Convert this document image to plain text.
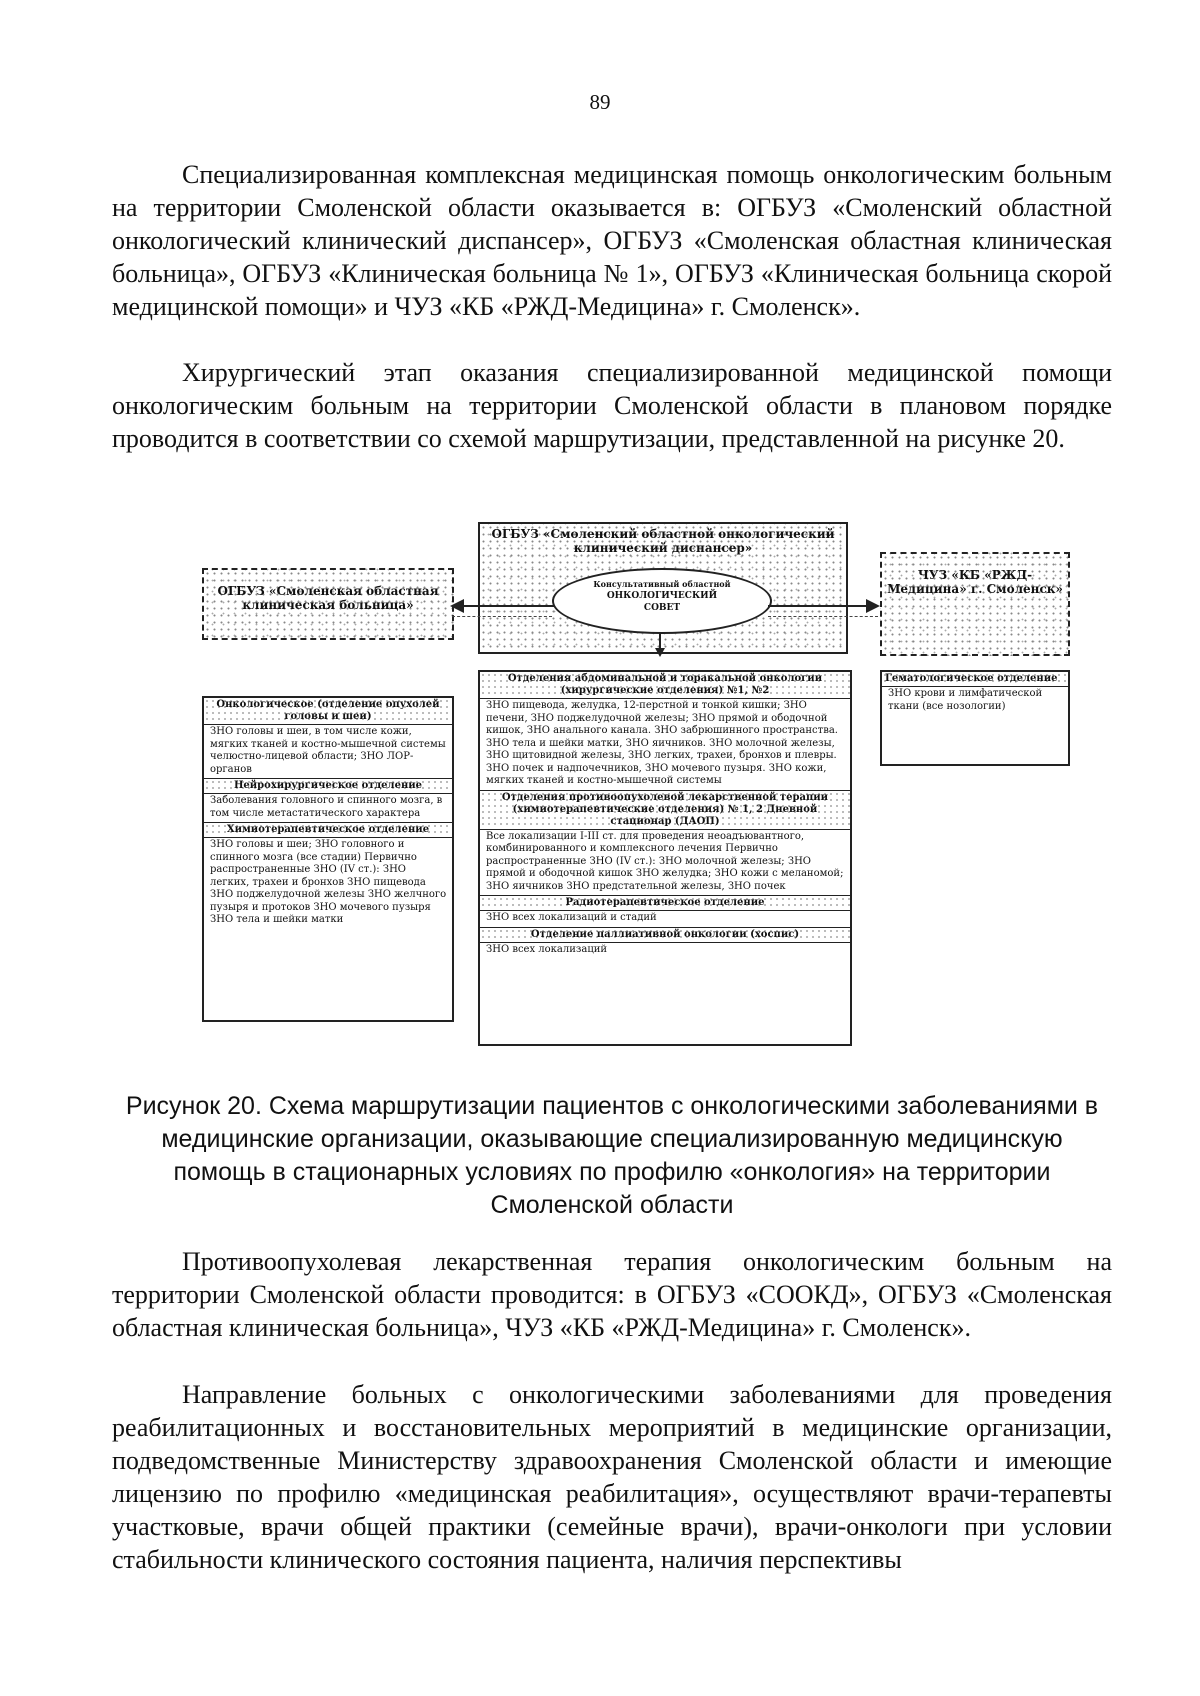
89

Специализированная комплексная медицинская помощь онкологическим больным на территории Смоленской области оказывается в: ОГБУЗ «Смоленский областной онкологический клинический диспансер», ОГБУЗ «Смоленская областная клиническая больница», ОГБУЗ «Клиническая больница № 1», ОГБУЗ «Клиническая больница скорой медицинской помощи» и ЧУЗ «КБ «РЖД-Медицина» г. Смоленск».

Хирургический этап оказания специализированной медицинской помощи онкологическим больным на территории Смоленской области в плановом порядке проводится в соответствии со схемой маршрутизации, представленной на рисунке 20.

ОГБУЗ «Смоленский областной онкологический клинический диспансер»
Консультативный областной
ОНКОЛОГИЧЕСКИЙ
СОВЕТ
ОГБУЗ «Смоленская областная клиническая больница»
ЧУЗ «КБ «РЖД-Медицина» г. Смоленск»
Онкологическое (отделение опухолей головы и шеи)
ЗНО головы и шеи, в том числе кожи, мягких тканей и костно-мышечной системы челюстно-лицевой области; ЗНО ЛОР-органов
Нейрохирургическое отделение
Заболевания головного и спинного мозга, в том числе метастатического характера
Химиотерапевтическое отделение
ЗНО головы и шеи; ЗНО головного и спинного мозга (все стадии) Первично распространенные ЗНО (IV ст.): ЗНО легких, трахеи и бронхов ЗНО пищевода ЗНО поджелудочной железы ЗНО желчного пузыря и протоков ЗНО мочевого пузыря ЗНО тела и шейки матки
Отделения абдоминальной и торакальной онкологии (хирургические отделения) №1, №2
ЗНО пищевода, желудка, 12-перстной и тонкой кишки; ЗНО печени, ЗНО поджелудочной железы; ЗНО прямой и ободочной кишок, ЗНО анального канала. ЗНО забрюшинного пространства. ЗНО тела и шейки матки, ЗНО яичников. ЗНО молочной железы, ЗНО щитовидной железы, ЗНО легких, трахеи, бронхов и плевры. ЗНО почек и надпочечников, ЗНО мочевого пузыря. ЗНО кожи, мягких тканей и костно-мышечной системы
Отделения противоопухолевой лекарственной терапии (химиотерапевтические отделения) № 1, 2 Дневной стационар (ДАОП)
Все локализации I-III ст. для проведения неоадъювантного, комбинированного и комплексного лечения Первично распространенные ЗНО (IV ст.): ЗНО молочной железы; ЗНО прямой и ободочной кишок ЗНО желудка; ЗНО кожи с меланомой; ЗНО яичников ЗНО предстательной железы, ЗНО почек
Радиотерапевтическое отделение
ЗНО всех локализаций и стадий
Отделение паллиативной онкологии (хоспис)
ЗНО всех локализаций
Гематологическое отделение
ЗНО крови и лимфатической ткани (все нозологии)
Рисунок 20. Схема маршрутизации пациентов с онкологическими заболеваниями в
медицинские организации, оказывающие специализированную медицинскую
помощь в стационарных условиях по профилю «онкология» на территории
Смоленской области

Противоопухолевая лекарственная терапия онкологическим больным на территории Смоленской области проводится: в ОГБУЗ «СООКД», ОГБУЗ «Смоленская областная клиническая больница», ЧУЗ «КБ «РЖД-Медицина» г. Смоленск».

Направление больных с онкологическими заболеваниями для проведения реабилитационных и восстановительных мероприятий в медицинские организации, подведомственные Министерству здравоохранения Смоленской области и имеющие лицензию по профилю «медицинская реабилитация», осуществляют врачи-терапевты участковые, врачи общей практики (семейные врачи), врачи-онкологи при условии стабильности клинического состояния пациента, наличия перспективы
